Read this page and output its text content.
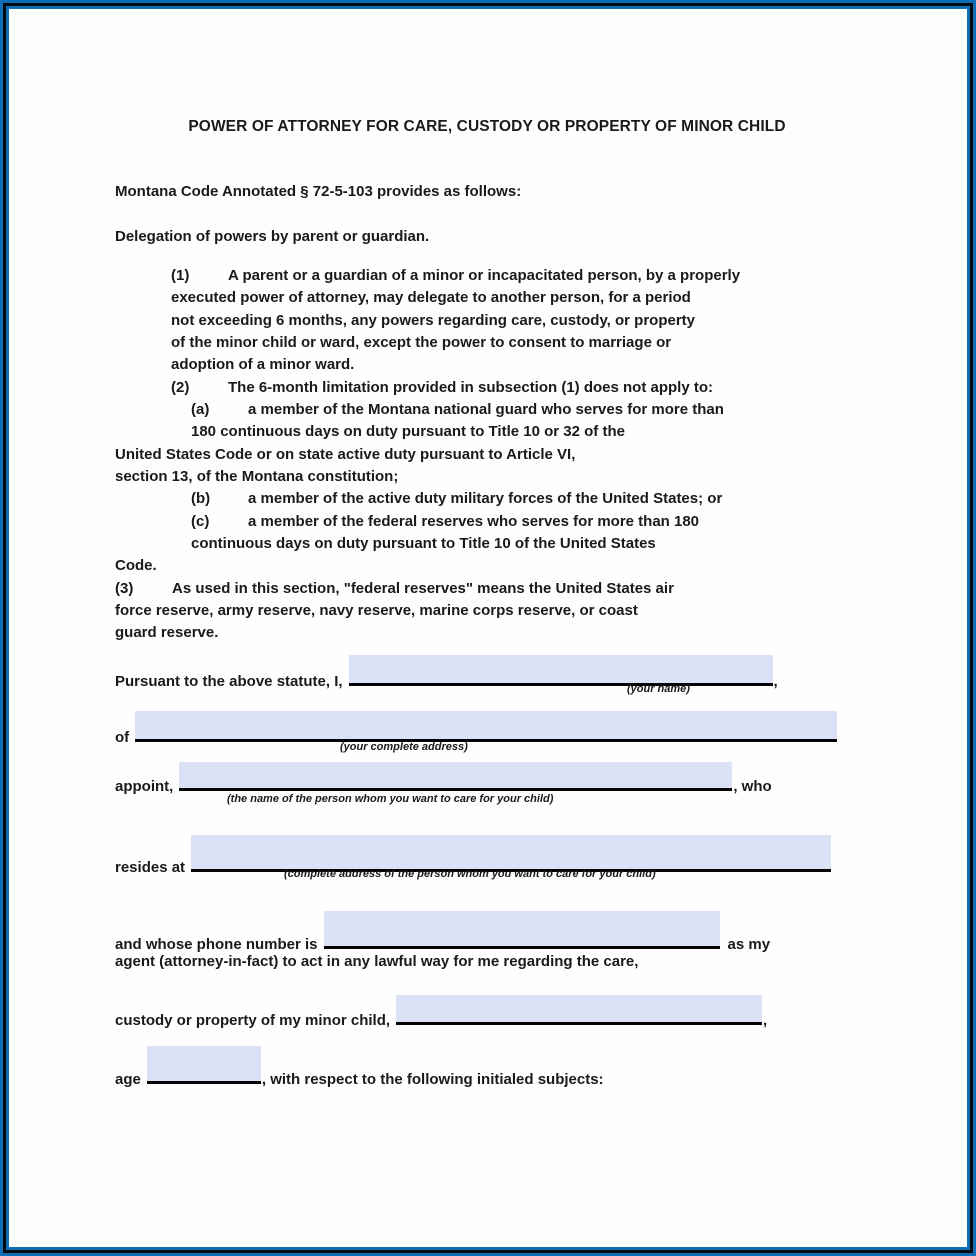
POWER OF ATTORNEY FOR CARE, CUSTODY OR PROPERTY OF MINOR CHILD
Montana Code Annotated § 72-5-103 provides as follows:
Delegation of powers by parent or guardian.
(1)	A parent or a guardian of a minor or incapacitated person, by a properly
executed power of attorney, may delegate to another person, for a period
not exceeding 6 months, any powers regarding care, custody, or property
of the minor child or ward, except the power to consent to marriage or
adoption of a minor ward.
(2)	The 6-month limitation provided in subsection (1) does not apply to:
(a)	a member of the Montana national guard who serves for more than
180 continuous days on duty pursuant to Title 10 or 32 of the
United States Code or on state active duty pursuant to Article VI,
section 13, of the Montana constitution;
(b)	a member of the active duty military forces of the United States; or
(c)	a member of the federal reserves who serves for more than 180
continuous days on duty pursuant to Title 10 of the United States
Code.
(3)	As used in this section, "federal reserves" means the United States air
force reserve, army reserve, navy reserve, marine corps reserve, or coast
guard reserve.
Pursuant to the above statute, I,	,
(your name)
of
(your complete address)
appoint,	, who
(the name of the person whom you want to care for your child)
resides at	(complete address of the person whom you want to care for your child)
and whose phone number is	as my
agent (attorney-in-fact) to act in any lawful way for me regarding the care,
custody or property of my minor child,	,
age	, with respect to the following initialed subjects:
